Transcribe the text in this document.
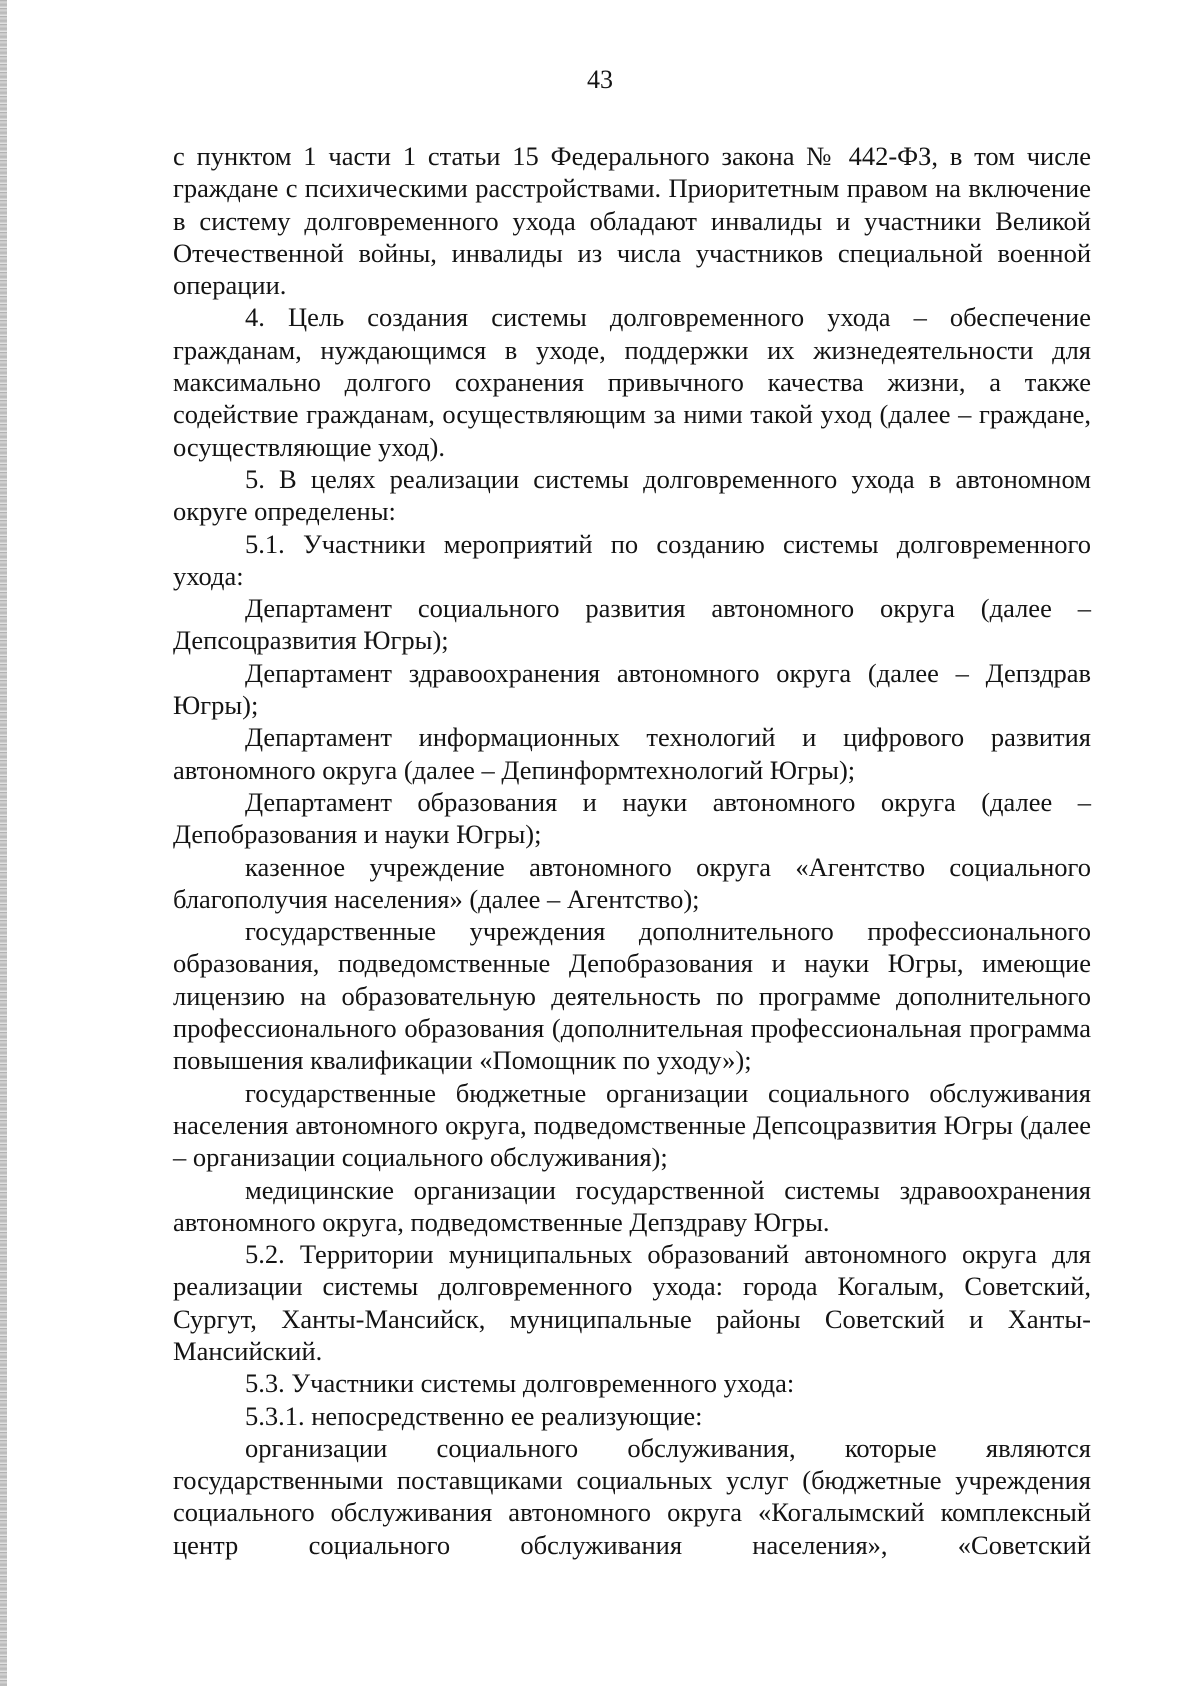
43

с пунктом 1 части 1 статьи 15 Федерального закона № 442-ФЗ, в том числе граждане с психическими расстройствами. Приоритетным правом на включение в систему долговременного ухода обладают инвалиды и участники Великой Отечественной войны, инвалиды из числа участников специальной военной операции.

4. Цель создания системы долговременного ухода – обеспечение гражданам, нуждающимся в уходе, поддержки их жизнедеятельности для максимально долгого сохранения привычного качества жизни, а также содействие гражданам, осуществляющим за ними такой уход (далее – граждане, осуществляющие уход).

5. В целях реализации системы долговременного ухода в автономном округе определены:

5.1. Участники мероприятий по созданию системы долговременного ухода:

Департамент социального развития автономного округа (далее – Депсоцразвития Югры);

Департамент здравоохранения автономного округа (далее – Депздрав Югры);

Департамент информационных технологий и цифрового развития автономного округа (далее – Депинформтехнологий Югры);

Департамент образования и науки автономного округа (далее – Депобразования и науки Югры);

казенное учреждение автономного округа «Агентство социального благополучия населения» (далее – Агентство);

государственные учреждения дополнительного профессионального образования, подведомственные Депобразования и науки Югры, имеющие лицензию на образовательную деятельность по программе дополнительного профессионального образования (дополнительная профессиональная программа повышения квалификации «Помощник по уходу»);

государственные бюджетные организации социального обслуживания населения автономного округа, подведомственные Депсоцразвития Югры (далее – организации социального обслуживания);

медицинские организации государственной системы здравоохранения автономного округа, подведомственные Депздраву Югры.

5.2. Территории муниципальных образований автономного округа для реализации системы долговременного ухода: города Когалым, Советский, Сургут, Ханты-Мансийск, муниципальные районы Советский и Ханты-Мансийский.

5.3. Участники системы долговременного ухода:

5.3.1. непосредственно ее реализующие:

организации социального обслуживания, которые являются государственными поставщиками социальных услуг (бюджетные учреждения социального обслуживания автономного округа «Когалымский комплексный центр социального обслуживания населения», «Советский
